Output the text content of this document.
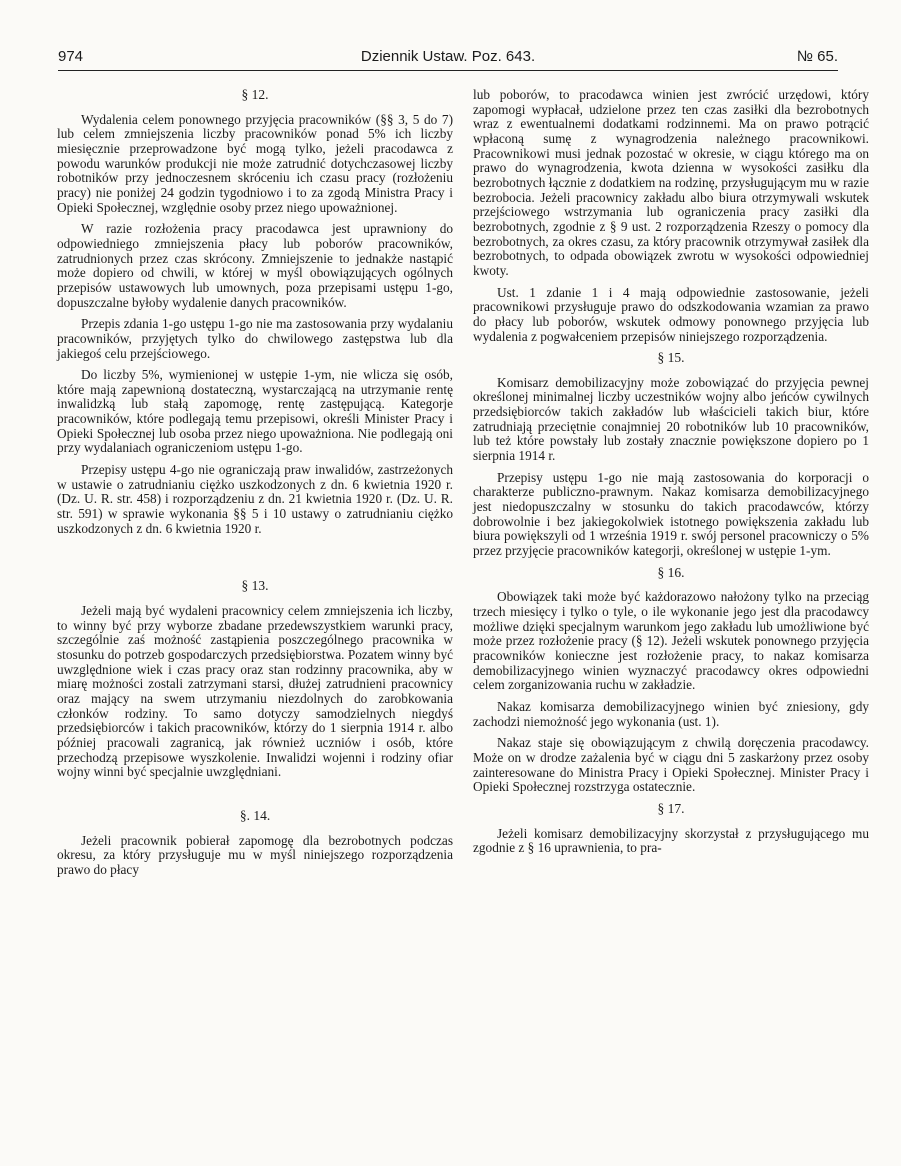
974	Dziennik Ustaw. Poz. 643.	№ 65.
§ 12.

Wydalenia celem ponownego przyjęcia pracowników (§§ 3, 5 do 7) lub celem zmniejszenia liczby pracowników ponad 5% ich liczby miesięcznie przeprowadzone być mogą tylko, jeżeli pracodawca z powodu warunków produkcji nie może zatrudnić dotychczasowej liczby robotników przy jednoczesnem skróceniu ich czasu pracy (rozłożeniu pracy) nie poniżej 24 godzin tygodniowo i to za zgodą Ministra Pracy i Opieki Społecznej, względnie osoby przez niego upoważnionej.

W razie rozłożenia pracy pracodawca jest uprawniony do odpowiedniego zmniejszenia płacy lub poborów pracowników, zatrudnionych przez czas skrócony. Zmniejszenie to jednakże nastąpić może dopiero od chwili, w której w myśl obowiązujących ogólnych przepisów ustawowych lub umownych, poza przepisami ustępu 1-go, dopuszczalne byłoby wydalenie danych pracowników.

Przepis zdania 1-go ustępu 1-go nie ma zastosowania przy wydalaniu pracowników, przyjętych tylko do chwilowego zastępstwa lub dla jakiegoś celu przejściowego.

Do liczby 5%, wymienionej w ustępie 1-ym, nie wlicza się osób, które mają zapewnioną dostateczną, wystarczającą na utrzymanie rentę inwalidzką lub stałą zapomogę, rentę zastępującą. Kategorje pracowników, które podlegają temu przepisowi, określi Minister Pracy i Opieki Społecznej lub osoba przez niego upoważniona. Nie podlegają oni przy wydalaniach ograniczeniom ustępu 1-go.

Przepisy ustępu 4-go nie ograniczają praw inwalidów, zastrzeżonych w ustawie o zatrudnianiu ciężko uszkodzonych z dn. 6 kwietnia 1920 r. (Dz. U. R. str. 458) i rozporządzeniu z dn. 21 kwietnia 1920 r. (Dz. U. R. str. 591) w sprawie wykonania §§ 5 i 10 ustawy o zatrudnianiu ciężko uszkodzonych z dn. 6 kwietnia 1920 r.

§ 13.

Jeżeli mają być wydaleni pracownicy celem zmniejszenia ich liczby, to winny być przy wyborze zbadane przedewszystkiem warunki pracy, szczególnie zaś możność zastąpienia poszczególnego pracownika w stosunku do potrzeb gospodarczych przedsiębiorstwa. Pozatem winny być uwzględnione wiek i czas pracy oraz stan rodzinny pracownika, aby w miarę możności zostali zatrzymani starsi, dłużej zatrudnieni pracownicy oraz mający na swem utrzymaniu niezdolnych do zarobkowania członków rodziny. To samo dotyczy samodzielnych niegdyś przedsiębiorców i takich pracowników, którzy do 1 sierpnia 1914 r. albo później pracowali zagranicą, jak również uczniów i osób, które przechodzą przepisowe wyszkolenie. Inwalidzi wojenni i rodziny ofiar wojny winni być specjalnie uwzględniani.

§. 14.

Jeżeli pracownik pobierał zapomogę dla bezrobotnych podczas okresu, za który przysługuje mu w myśl niniejszego rozporządzenia prawo do płacy

lub poborów, to pracodawca winien jest zwrócić urzędowi, który zapomogi wypłacał, udzielone przez ten czas zasiłki dla bezrobotnych wraz z ewentualnemi dodatkami rodzinnemi. Ma on prawo potrącić wpłaconą sumę z wynagrodzenia należnego pracownikowi. Pracownikowi musi jednak pozostać w okresie, w ciągu którego ma on prawo do wynagrodzenia, kwota dzienna w wysokości zasiłku dla bezrobotnych łącznie z dodatkiem na rodzinę, przysługującym mu w razie bezrobocia. Jeżeli pracownicy zakładu albo biura otrzymywali wskutek przejściowego wstrzymania lub ograniczenia pracy zasiłki dla bezrobotnych, zgodnie z § 9 ust. 2 rozporządzenia Rzeszy o pomocy dla bezrobotnych, za okres czasu, za który pracownik otrzymywał zasiłek dla bezrobotnych, to odpada obowiązek zwrotu w wysokości odpowiedniej kwoty.

Ust. 1 zdanie 1 i 4 mają odpowiednie zastosowanie, jeżeli pracownikowi przysługuje prawo do odszkodowania wzamian za prawo do płacy lub poborów, wskutek odmowy ponownego przyjęcia lub wydalenia z pogwałceniem przepisów niniejszego rozporządzenia.

§ 15.

Komisarz demobilizacyjny może zobowiązać do przyjęcia pewnej określonej minimalnej liczby uczestników wojny albo jeńców cywilnych przedsiębiorców takich zakładów lub właścicieli takich biur, które zatrudniają przeciętnie conajmniej 20 robotników lub 10 pracowników, lub też które powstały lub zostały znacznie powiększone dopiero po 1 sierpnia 1914 r.

Przepisy ustępu 1-go nie mają zastosowania do korporacji o charakterze publiczno-prawnym. Nakaz komisarza demobilizacyjnego jest niedopuszczalny w stosunku do takich pracodawców, którzy dobrowolnie i bez jakiegokolwiek istotnego powiększenia zakładu lub biura powiększyli od 1 września 1919 r. swój personel pracowniczy o 5% przez przyjęcie pracowników kategorji, określonej w ustępie 1-ym.

§ 16.

Obowiązek taki może być każdorazowo nałożony tylko na przeciąg trzech miesięcy i tylko o tyle, o ile wykonanie jego jest dla pracodawcy możliwe dzięki specjalnym warunkom jego zakładu lub umożliwione być może przez rozłożenie pracy (§ 12). Jeżeli wskutek ponownego przyjęcia pracowników konieczne jest rozłożenie pracy, to nakaz komisarza demobilizacyjnego winien wyznaczyć pracodawcy okres odpowiedni celem zorganizowania ruchu w zakładzie.

Nakaz komisarza demobilizacyjnego winien być zniesiony, gdy zachodzi niemożność jego wykonania (ust. 1).

Nakaz staje się obowiązującym z chwilą doręczenia pracodawcy. Może on w drodze zażalenia być w ciągu dni 5 zaskarżony przez osoby zainteresowane do Ministra Pracy i Opieki Społecznej. Minister Pracy i Opieki Społecznej rozstrzyga ostatecznie.

§ 17.

Jeżeli komisarz demobilizacyjny skorzystał z przysługującego mu zgodnie z § 16 uprawnienia, to pra-
